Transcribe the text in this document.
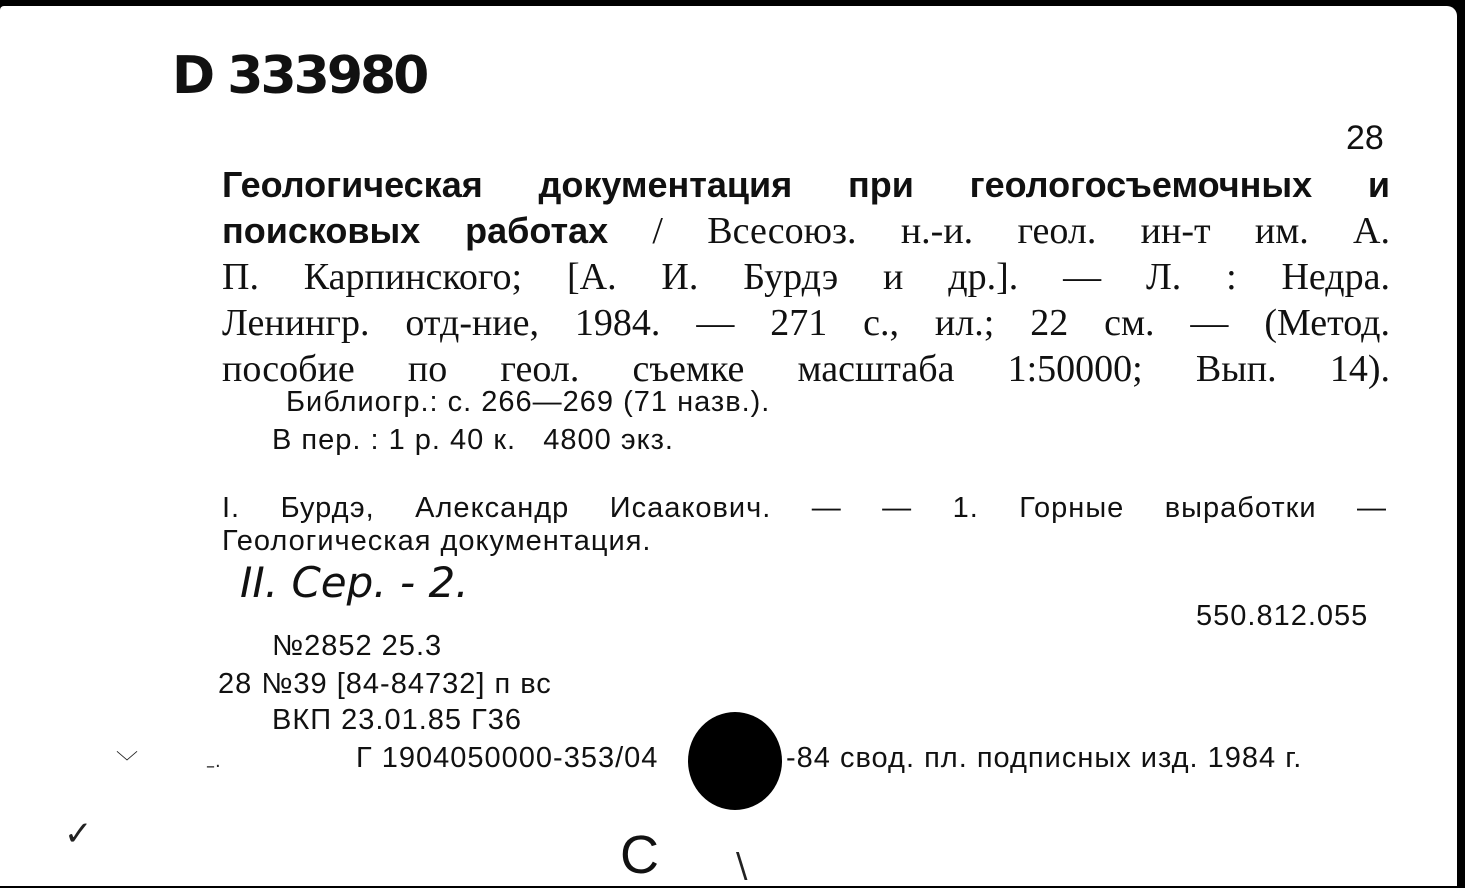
D 333980
28
Геологическая документация при геологосъемочных и
поисковых работах / Всесоюз. н.-и. геол. ин-т им. А.
П. Карпинского; [А. И. Бурдэ и др.]. — Л. : Недра.
Ленингр. отд-ние, 1984. — 271 с., ил.; 22 см. — (Метод.
пособие по геол. съемке масштаба 1:50000; Вып. 14).
Библиогр.: с. 266—269 (71 назв.).
В пер. : 1 р. 40 к.   4800 экз.
I. Бурдэ, Александр Исаакович. — — 1. Горные выработки —
Геологическая документация.
II. Сер. - 2.
550.812.055
№2852 25.3
28 №39 [84-84732] п вс
ВКП 23.01.85 Г36
Г 1904050000-353/04	-84 свод. пл. подписных изд. 1984 г.
С
﹀	–·
✓
\
